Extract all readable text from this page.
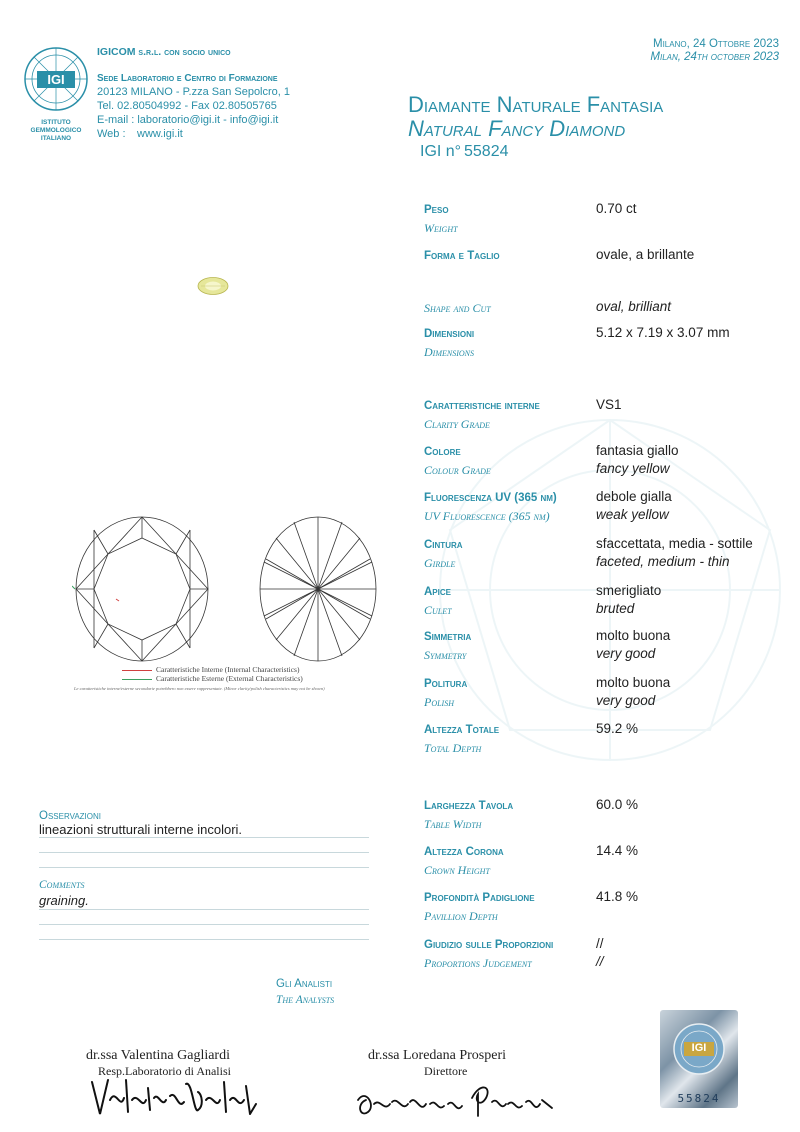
IGI
ISTITUTO GEMMOLOGICO ITALIANO
IGICOM s.r.l. con socio unico
Sede Laboratorio e Centro di Formazione
20123 MILANO - P.zza San Sepolcro, 1
Tel. 02.80504992 - Fax 02.80505765
E-mail : laboratorio@igi.it - info@igi.it
Web : www.igi.it
Milano, 24 Ottobre 2023
Milan, 24th october 2023
Diamante Naturale Fantasia
Natural Fancy Diamond
IGI n° 55824
Caratteristiche Interne (Internal Characteristics)
Caratteristiche Esterne (External Characteristics)
Le caratteristiche interne/esterne secondarie potrebbero non essere rappresentate. (Minor clarity/polish characteristics may not be shown)
Peso
Weight
0.70 ct
Forma e Taglio	ovale, a brillante
Shape and Cut	oval, brilliant
Dimensioni
Dimensions
5.12 x 7.19 x 3.07 mm
Caratteristiche interne
Clarity Grade
VS1
Colore
Colour Grade
fantasia giallo
fancy yellow
Fluorescenza UV (365 nm)
UV Fluorescence (365 nm)
debole gialla
weak yellow
Cintura
Girdle
sfaccettata, media - sottile
faceted, medium - thin
Apice
Culet
smerigliato
bruted
Simmetria
Symmetry
molto buona
very good
Politura
Polish
molto buona
very good
Altezza Totale
Total Depth
59.2 %
Larghezza Tavola
Table Width
60.0 %
Altezza Corona
Crown Height
14.4 %
Profondità Padiglione
Pavillion Depth
41.8 %
Giudizio sulle Proporzioni
Proportions Judgement
//
//
Osservazioni
lineazioni strutturali interne incolori.
Comments
graining.
Gli Analisti
The Analysts
dr.ssa Valentina Gagliardi
Resp.Laboratorio di Analisi
dr.ssa Loredana Prosperi
Direttore
IGI
55824
